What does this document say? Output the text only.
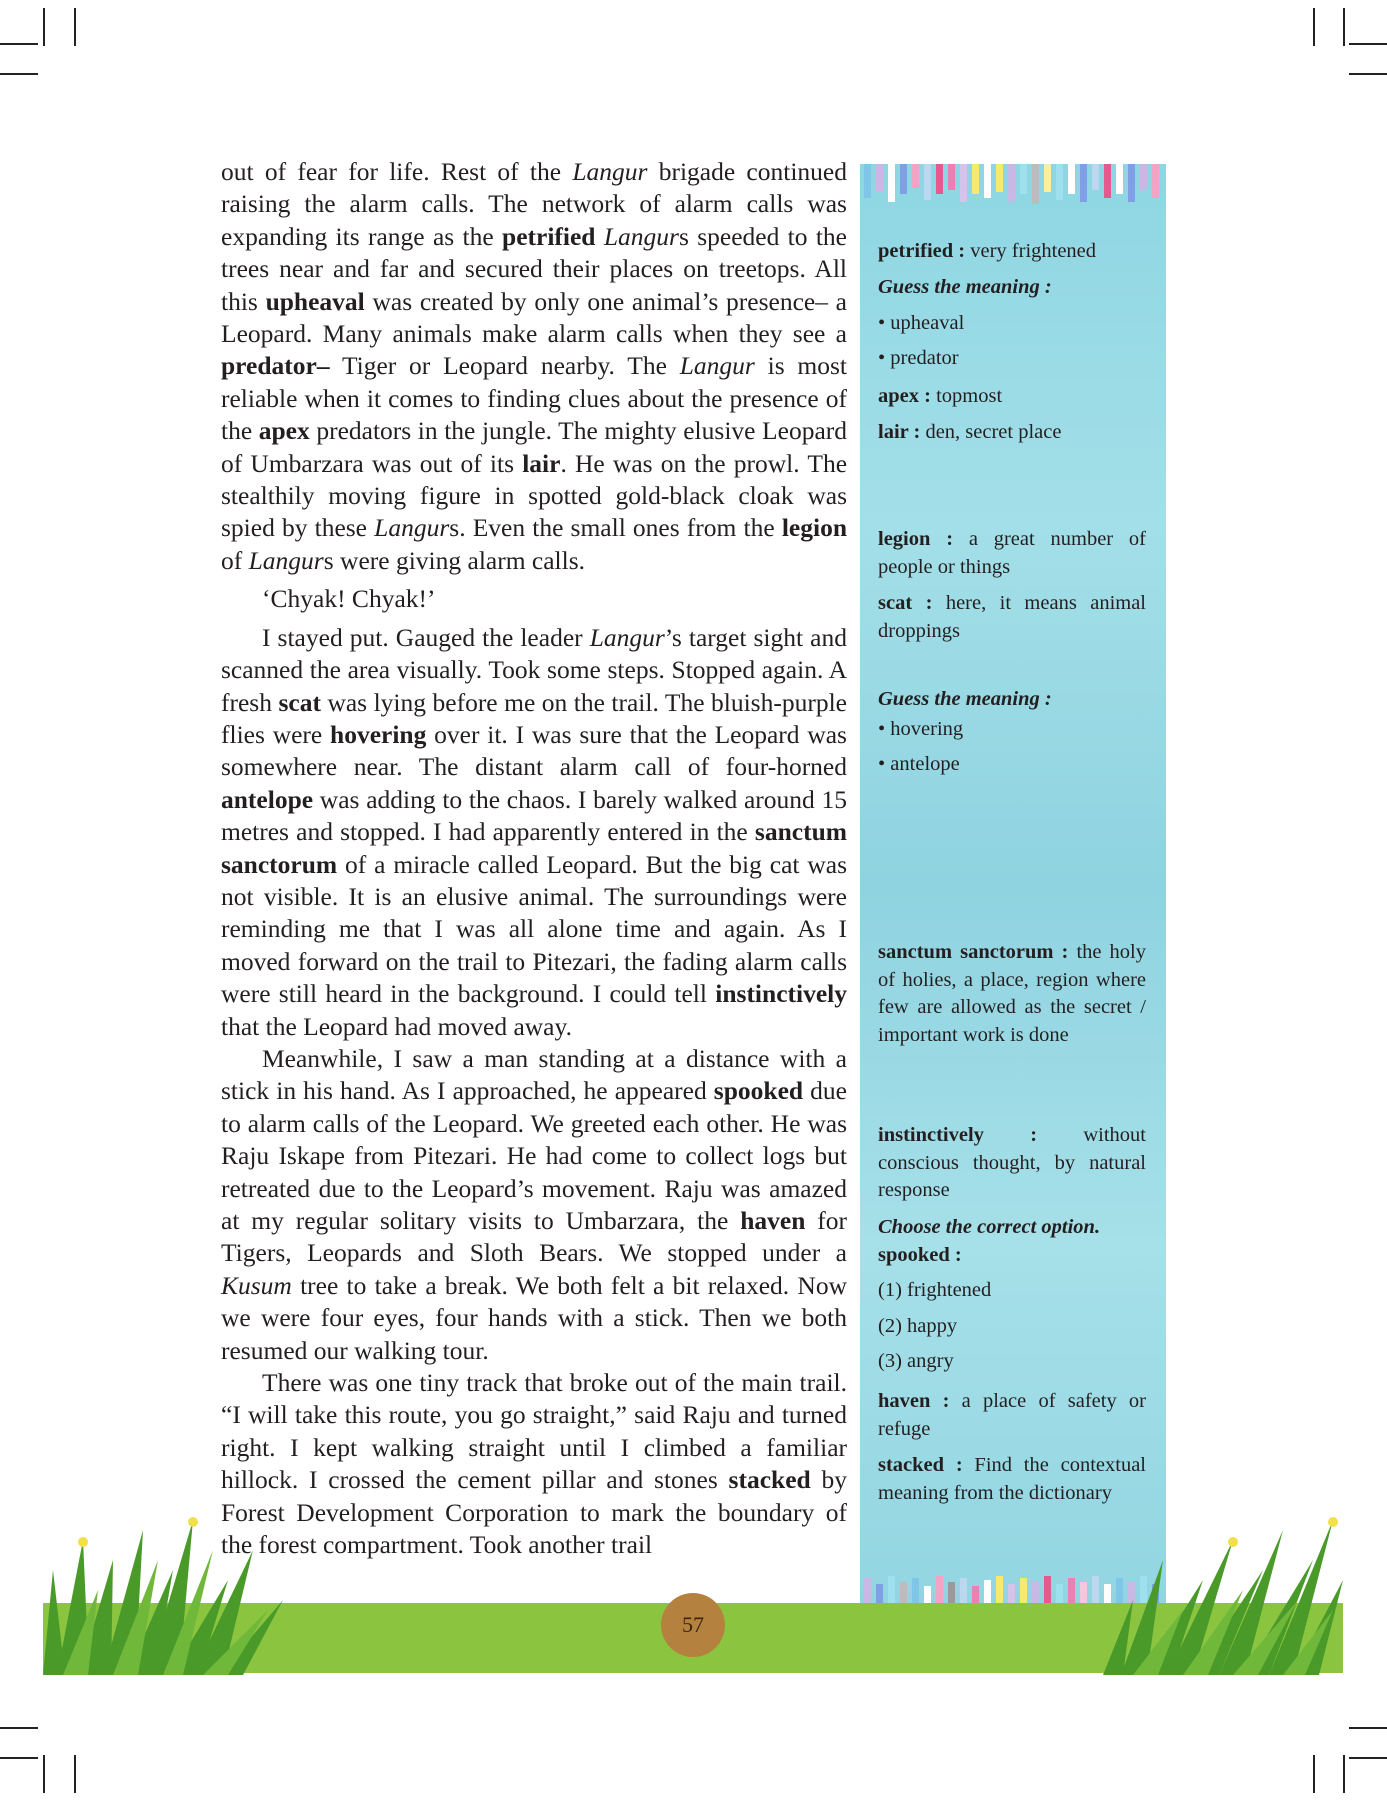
out of fear for life. Rest of the Langur brigade continued raising the alarm calls. The network of alarm calls was expanding its range as the petrified Langurs speeded to the trees near and far and secured their places on treetops. All this upheaval was created by only one animal’s presence– a Leopard. Many animals make alarm calls when they see a predator– Tiger or Leopard nearby. The Langur is most reliable when it comes to finding clues about the presence of the apex predators in the jungle. The mighty elusive Leopard of Umbarzara was out of its lair. He was on the prowl. The stealthily moving figure in spotted gold-black cloak was spied by these Langurs. Even the small ones from the legion of Langurs were giving alarm calls.

‘Chyak! Chyak!’

I stayed put. Gauged the leader Langur’s target sight and scanned the area visually. Took some steps. Stopped again. A fresh scat was lying before me on the trail. The bluish-purple flies were hovering over it. I was sure that the Leopard was somewhere near. The distant alarm call of four-horned antelope was adding to the chaos. I barely walked around 15 metres and stopped. I had apparently entered in the sanctum sanctorum of a miracle called Leopard. But the big cat was not visible. It is an elusive animal. The surroundings were reminding me that I was all alone time and again. As I moved forward on the trail to Pitezari, the fading alarm calls were still heard in the background. I could tell instinctively that the Leopard had moved away.

Meanwhile, I saw a man standing at a distance with a stick in his hand. As I approached, he appeared spooked due to alarm calls of the Leopard. We greeted each other. He was Raju Iskape from Pitezari. He had come to collect logs but retreated due to the Leopard’s movement. Raju was amazed at my regular solitary visits to Umbarzara, the haven for Tigers, Leopards and Sloth Bears. We stopped under a Kusum tree to take a break. We both felt a bit relaxed. Now we were four eyes, four hands with a stick. Then we both resumed our walking tour.

There was one tiny track that broke out of the main trail. “I will take this route, you go straight,” said Raju and turned right. I kept walking straight until I climbed a familiar hillock. I crossed the cement pillar and stones stacked by Forest Development Corporation to mark the boundary of the forest compartment. Took another trail

petrified : very frightened
Guess the meaning :
• upheaval
• predator
apex : topmost
lair : den, secret place
legion : a great number of people or things
scat : here, it means animal droppings
Guess the meaning :
• hovering
• antelope
sanctum sanctorum : the holy of holies, a place, region where few are allowed as the secret / important work is done
instinctively : without conscious thought, by natural response
Choose the correct option.
spooked :
(1) frightened
(2) happy
(3) angry
haven : a place of safety or refuge
stacked : Find the contextual meaning from the dictionary
57
